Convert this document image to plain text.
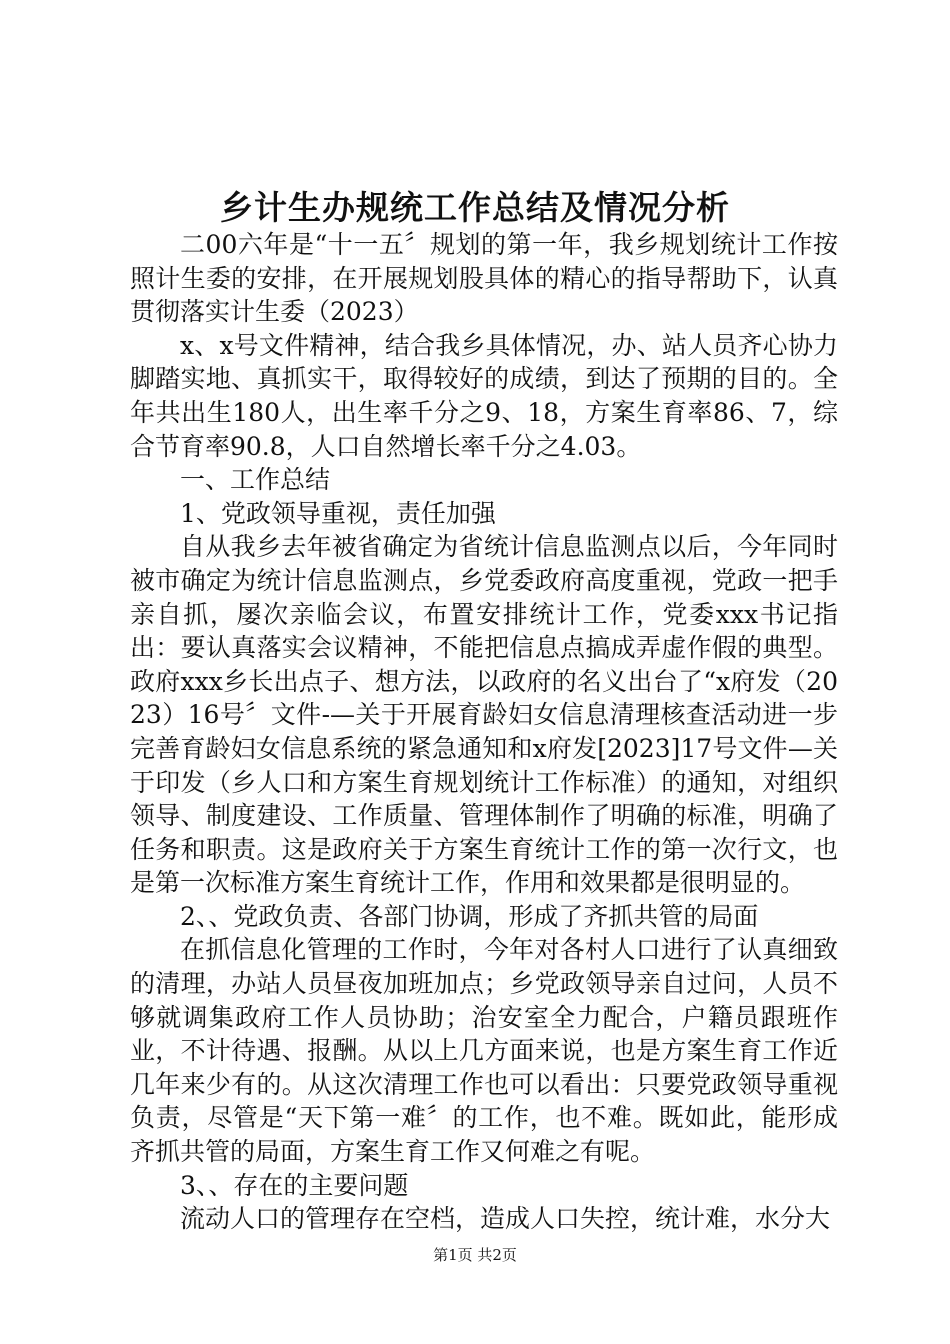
乡计生办规统工作总结及情况分析

二00六年是“十一五〞规划的第一年，我乡规划统计工作按照计生委的安排，在开展规划股具体的精心的指导帮助下，认真贯彻落实计生委（2023）

x、x号文件精神，结合我乡具体情况，办、站人员齐心协力脚踏实地、真抓实干，取得较好的成绩，到达了预期的目的。全年共出生180人，出生率千分之9、18，方案生育率86、7，综合节育率90.8，人口自然增长率千分之4.03。

一、工作总结

1、党政领导重视，责任加强

自从我乡去年被省确定为省统计信息监测点以后，今年同时被市确定为统计信息监测点，乡党委政府高度重视，党政一把手亲自抓，屡次亲临会议，布置安排统计工作，党委xxx书记指出：要认真落实会议精神，不能把信息点搞成弄虚作假的典型。政府xxx乡长出点子、想方法，以政府的名义出台了“x府发（2023）16号〞文件-—关于开展育龄妇女信息清理核查活动进一步完善育龄妇女信息系统的紧急通知和x府发[2023]17号文件—关于印发（乡人口和方案生育规划统计工作标准）的通知，对组织领导、制度建设、工作质量、管理体制作了明确的标准，明确了任务和职责。这是政府关于方案生育统计工作的第一次行文，也是第一次标准方案生育统计工作，作用和效果都是很明显的。

2、、党政负责、各部门协调，形成了齐抓共管的局面

在抓信息化管理的工作时，今年对各村人口进行了认真细致的清理，办站人员昼夜加班加点；乡党政领导亲自过问，人员不够就调集政府工作人员协助；治安室全力配合，户籍员跟班作业，不计待遇、报酬。从以上几方面来说，也是方案生育工作近几年来少有的。从这次清理工作也可以看出：只要党政领导重视负责，尽管是“天下第一难〞的工作，也不难。既如此，能形成齐抓共管的局面，方案生育工作又何难之有呢。

3、、存在的主要问题

流动人口的管理存在空档，造成人口失控，统计难，水分大

第1页 共2页
